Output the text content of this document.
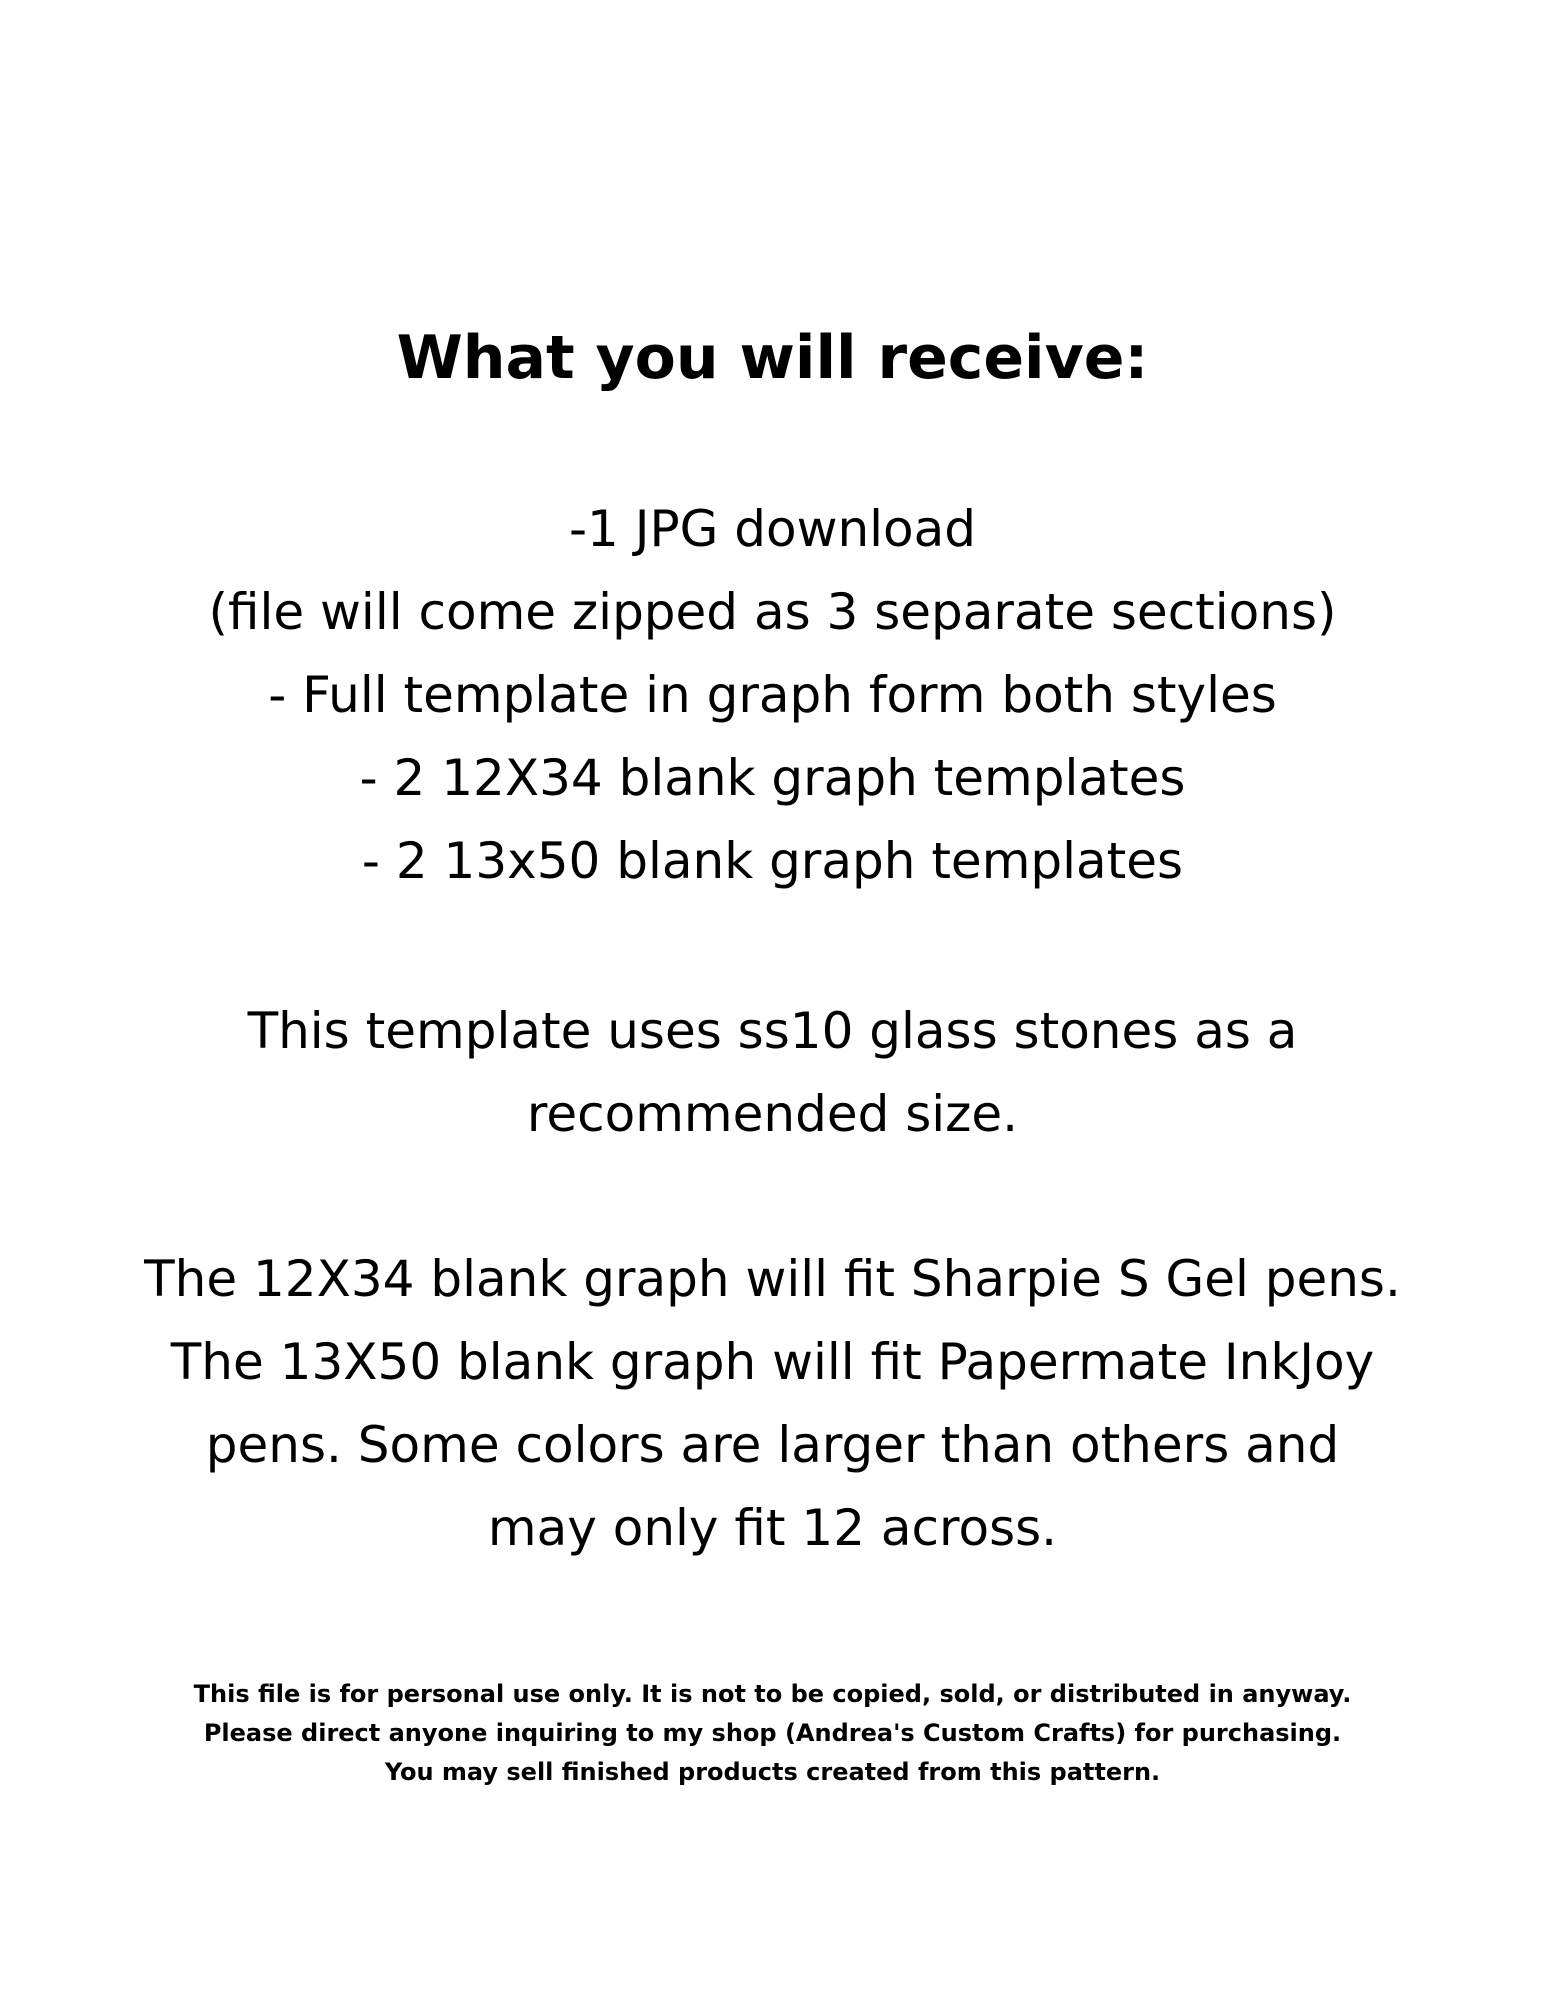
What you will receive:
-1 JPG download
(file will come zipped as 3 separate sections)
- Full template in graph form both styles
- 2 12X34 blank graph templates
- 2 13x50 blank graph templates
This template uses ss10 glass stones as a
recommended size.
The 12X34 blank graph will fit Sharpie S Gel pens.
The 13X50 blank graph will fit Papermate InkJoy
pens. Some colors are larger than others and
may only fit 12 across.
This file is for personal use only. It is not to be copied, sold, or distributed in anyway.
Please direct anyone inquiring to my shop (Andrea's Custom Crafts) for purchasing.
You may sell finished products created from this pattern.
